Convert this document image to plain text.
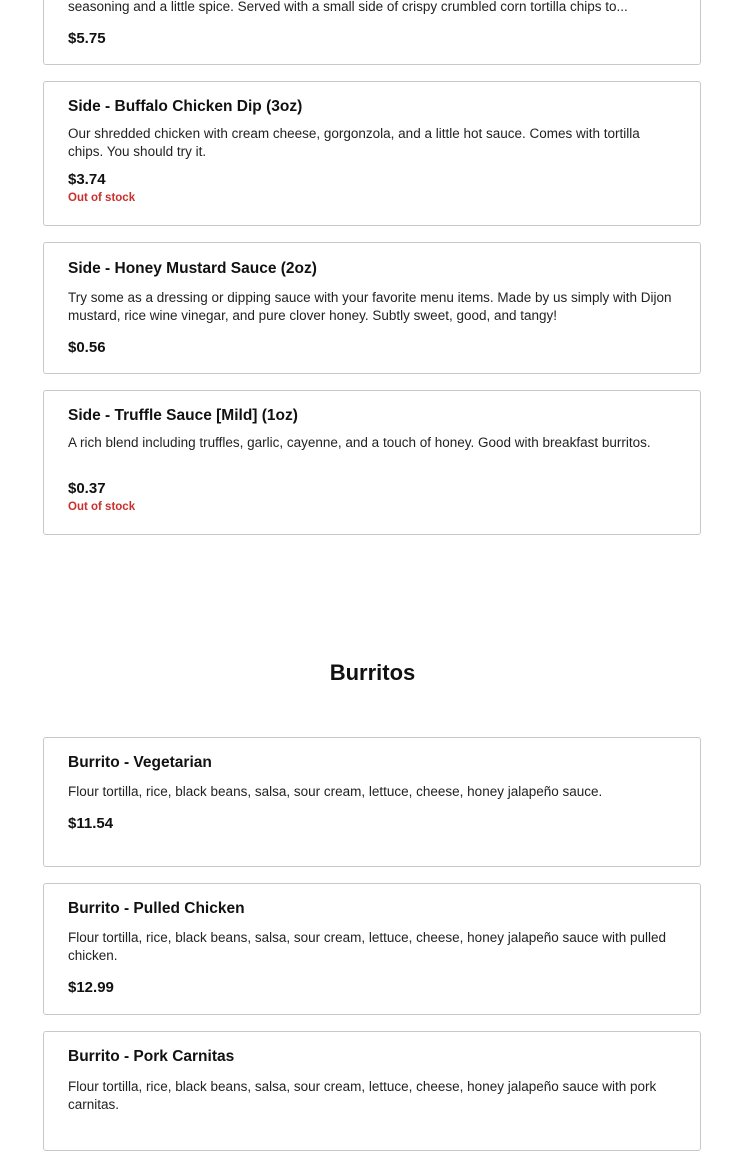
seasoning and a little spice. Served with a small side of crispy crumbled corn tortilla chips to...
$5.75
Side - Buffalo Chicken Dip (3oz)
Our shredded chicken with cream cheese, gorgonzola, and a little hot sauce. Comes with tortilla chips. You should try it.
$3.74
Out of stock
Side - Honey Mustard Sauce (2oz)
Try some as a dressing or dipping sauce with your favorite menu items. Made by us simply with Dijon mustard, rice wine vinegar, and pure clover honey. Subtly sweet, good, and tangy!
$0.56
Side - Truffle Sauce [Mild] (1oz)
A rich blend including truffles, garlic, cayenne, and a touch of honey. Good with breakfast burritos.
$0.37
Out of stock
Burritos
Burrito - Vegetarian
Flour tortilla, rice, black beans, salsa, sour cream, lettuce, cheese, honey jalapeño sauce.
$11.54
Burrito - Pulled Chicken
Flour tortilla, rice, black beans, salsa, sour cream, lettuce, cheese, honey jalapeño sauce with pulled chicken.
$12.99
Burrito - Pork Carnitas
Flour tortilla, rice, black beans, salsa, sour cream, lettuce, cheese, honey jalapeño sauce with pork carnitas.
